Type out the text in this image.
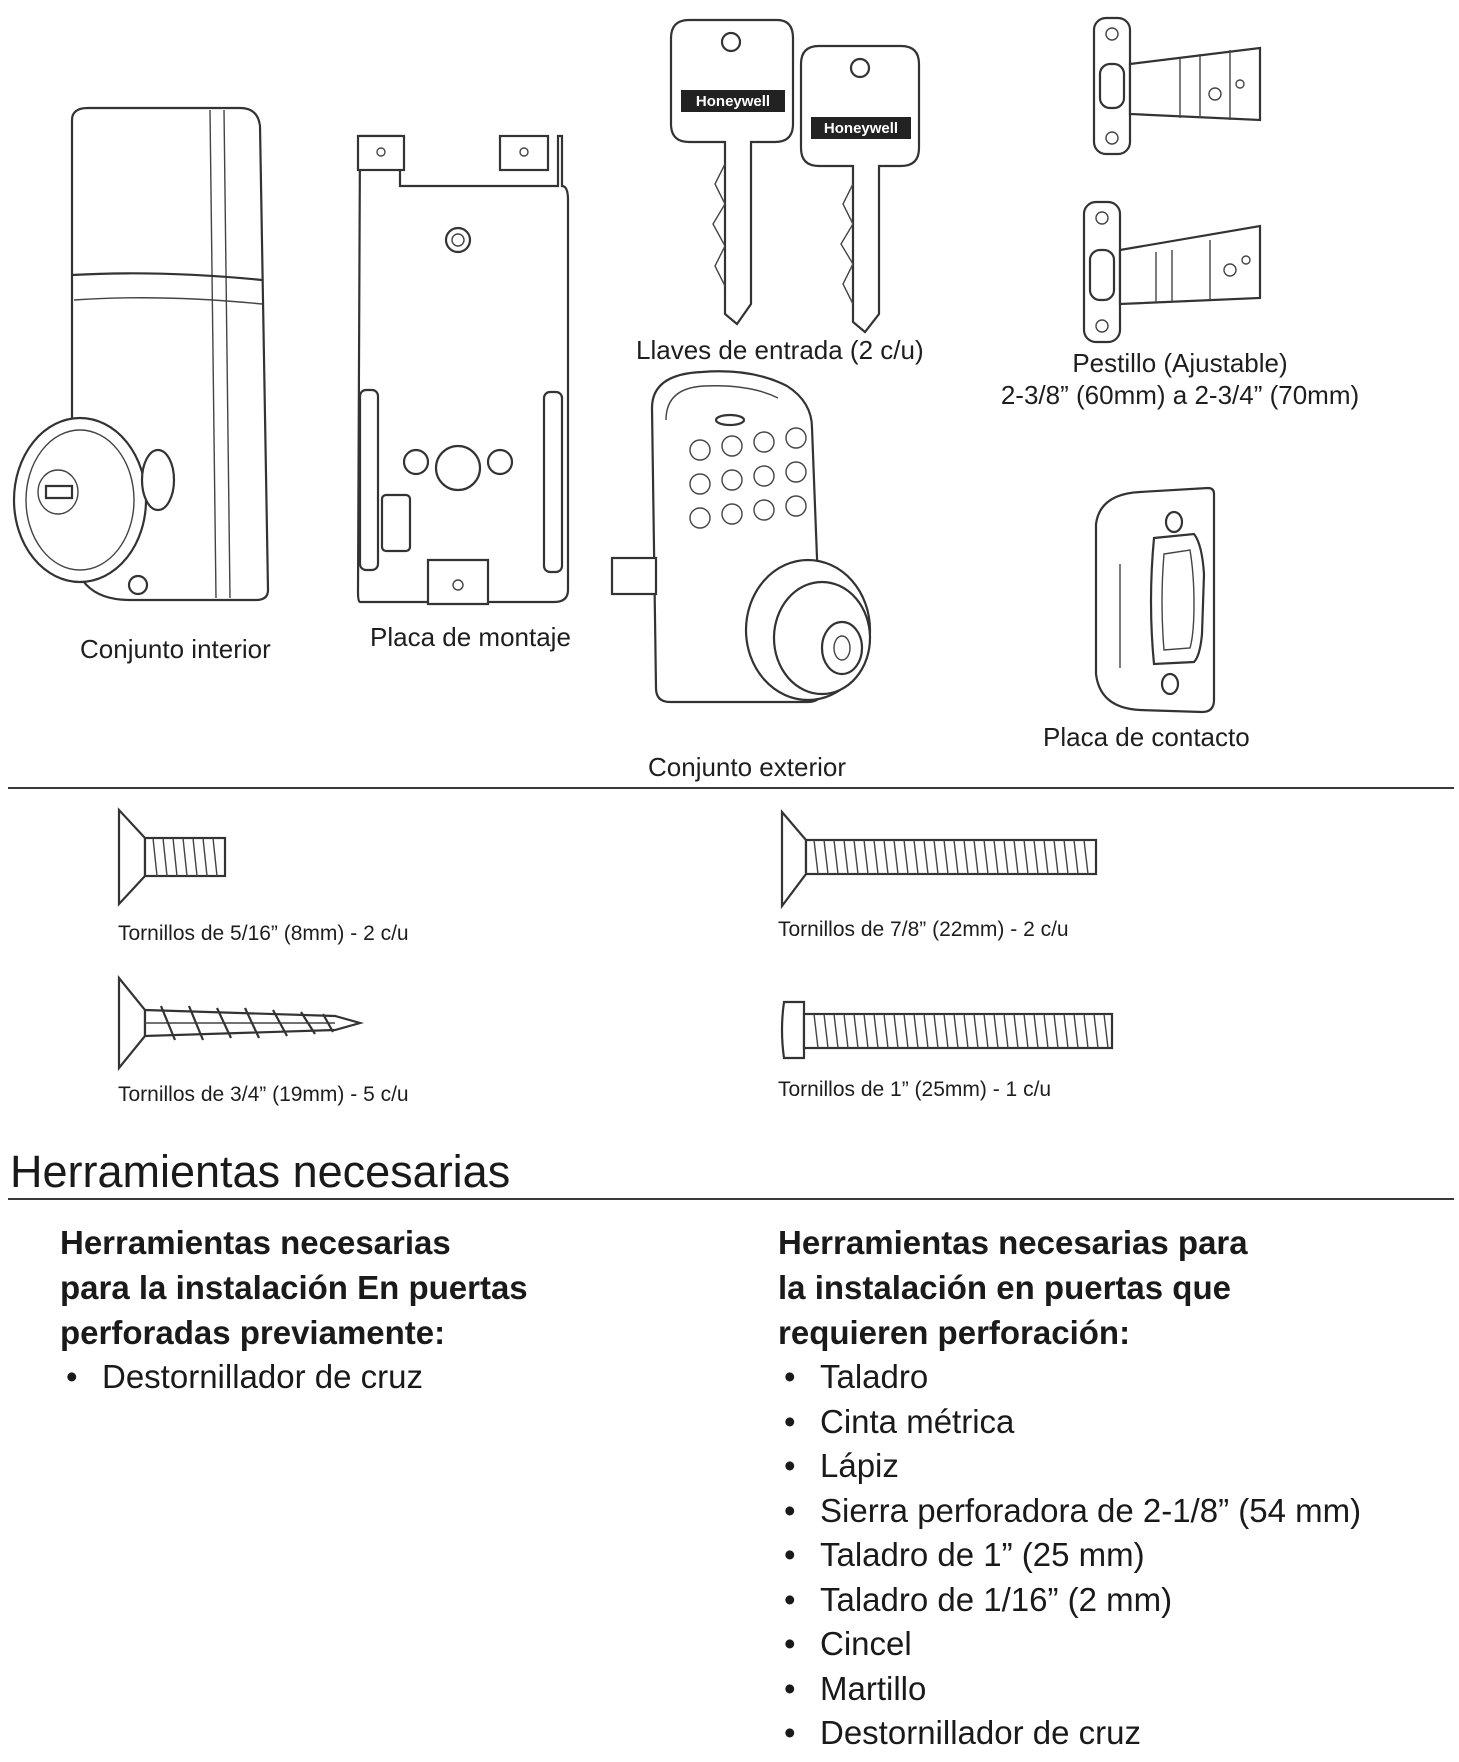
Conjunto interior	Placa de montaje
Honeywell
Honeywell
Llaves de entrada (2 c/u)	Pestillo (Ajustable)
2-3/8” (60mm) a 2-3/4” (70mm)
Conjunto exterior
Placa de contacto
Tornillos de 5/16” (8mm) - 2 c/u	Tornillos de 7/8” (22mm) - 2 c/u
Tornillos de 3/4” (19mm) - 5 c/u	Tornillos de 1” (25mm) - 1 c/u
Herramientas necesarias
Herramientas necesarias
para la instalación En puertas
perforadas previamente:
• Destornillador de cruz
Herramientas necesarias para
la instalación en puertas que
requieren perforación:
• Taladro
• Cinta métrica
• Lápiz
• Sierra perforadora de 2-1/8” (54 mm)
• Taladro de 1” (25 mm)
• Taladro de 1/16” (2 mm)
• Cincel
• Martillo
• Destornillador de cruz
